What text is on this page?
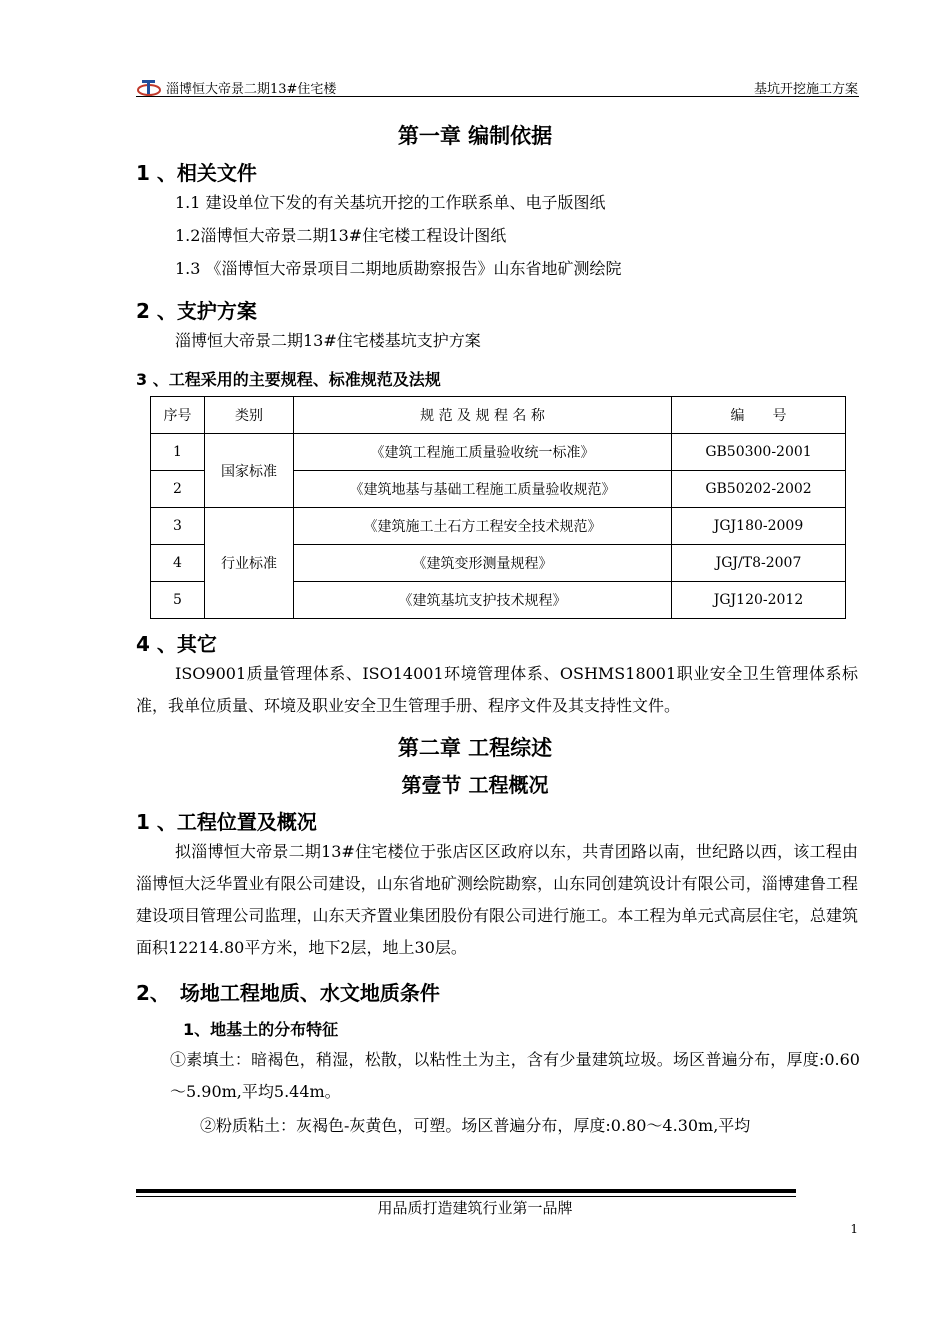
淄博恒大帝景二期13#住宅楼	基坑开挖施工方案
第一章 编制依据
1 、相关文件
1.1 建设单位下发的有关基坑开挖的工作联系单、电子版图纸
1.2淄博恒大帝景二期13#住宅楼工程设计图纸
1.3 《淄博恒大帝景项目二期地质勘察报告》山东省地矿测绘院
2 、支护方案
淄博恒大帝景二期13#住宅楼基坑支护方案
3 、工程采用的主要规程、标准规范及法规
序号	类别	规 范 及 规 程 名 称	编　　号
1	国家标准	《建筑工程施工质量验收统一标准》	GB50300-2001
2		《建筑地基与基础工程施工质量验收规范》	GB50202-2002
3	行业标准	《建筑施工土石方工程安全技术规范》	JGJ180-2009
4		《建筑变形测量规程》	JGJ/T8-2007
5		《建筑基坑支护技术规程》	JGJ120-2012
4 、其它
ISO9001质量管理体系、ISO14001环境管理体系、OSHMS18001职业安全卫生管理体系标准，我单位质量、环境及职业安全卫生管理手册、程序文件及其支持性文件。
第二章 工程综述
第壹节 工程概况
1 、工程位置及概况
拟淄博恒大帝景二期13#住宅楼位于张店区区政府以东，共青团路以南，世纪路以西，该工程由淄博恒大泛华置业有限公司建设，山东省地矿测绘院勘察，山东同创建筑设计有限公司，淄博建鲁工程建设项目管理公司监理，山东天齐置业集团股份有限公司进行施工。本工程为单元式高层住宅，总建筑面积12214.80平方米，地下2层，地上30层。
2、　场地工程地质、水文地质条件
1、地基土的分布特征
①素填土：暗褐色，稍湿，松散，以粘性土为主，含有少量建筑垃圾。场区普遍分布，厚度:0.60～5.90m,平均5.44m。
②粉质粘土：灰褐色-灰黄色，可塑。场区普遍分布，厚度:0.80～4.30m,平均
用品质打造建筑行业第一品牌
1
